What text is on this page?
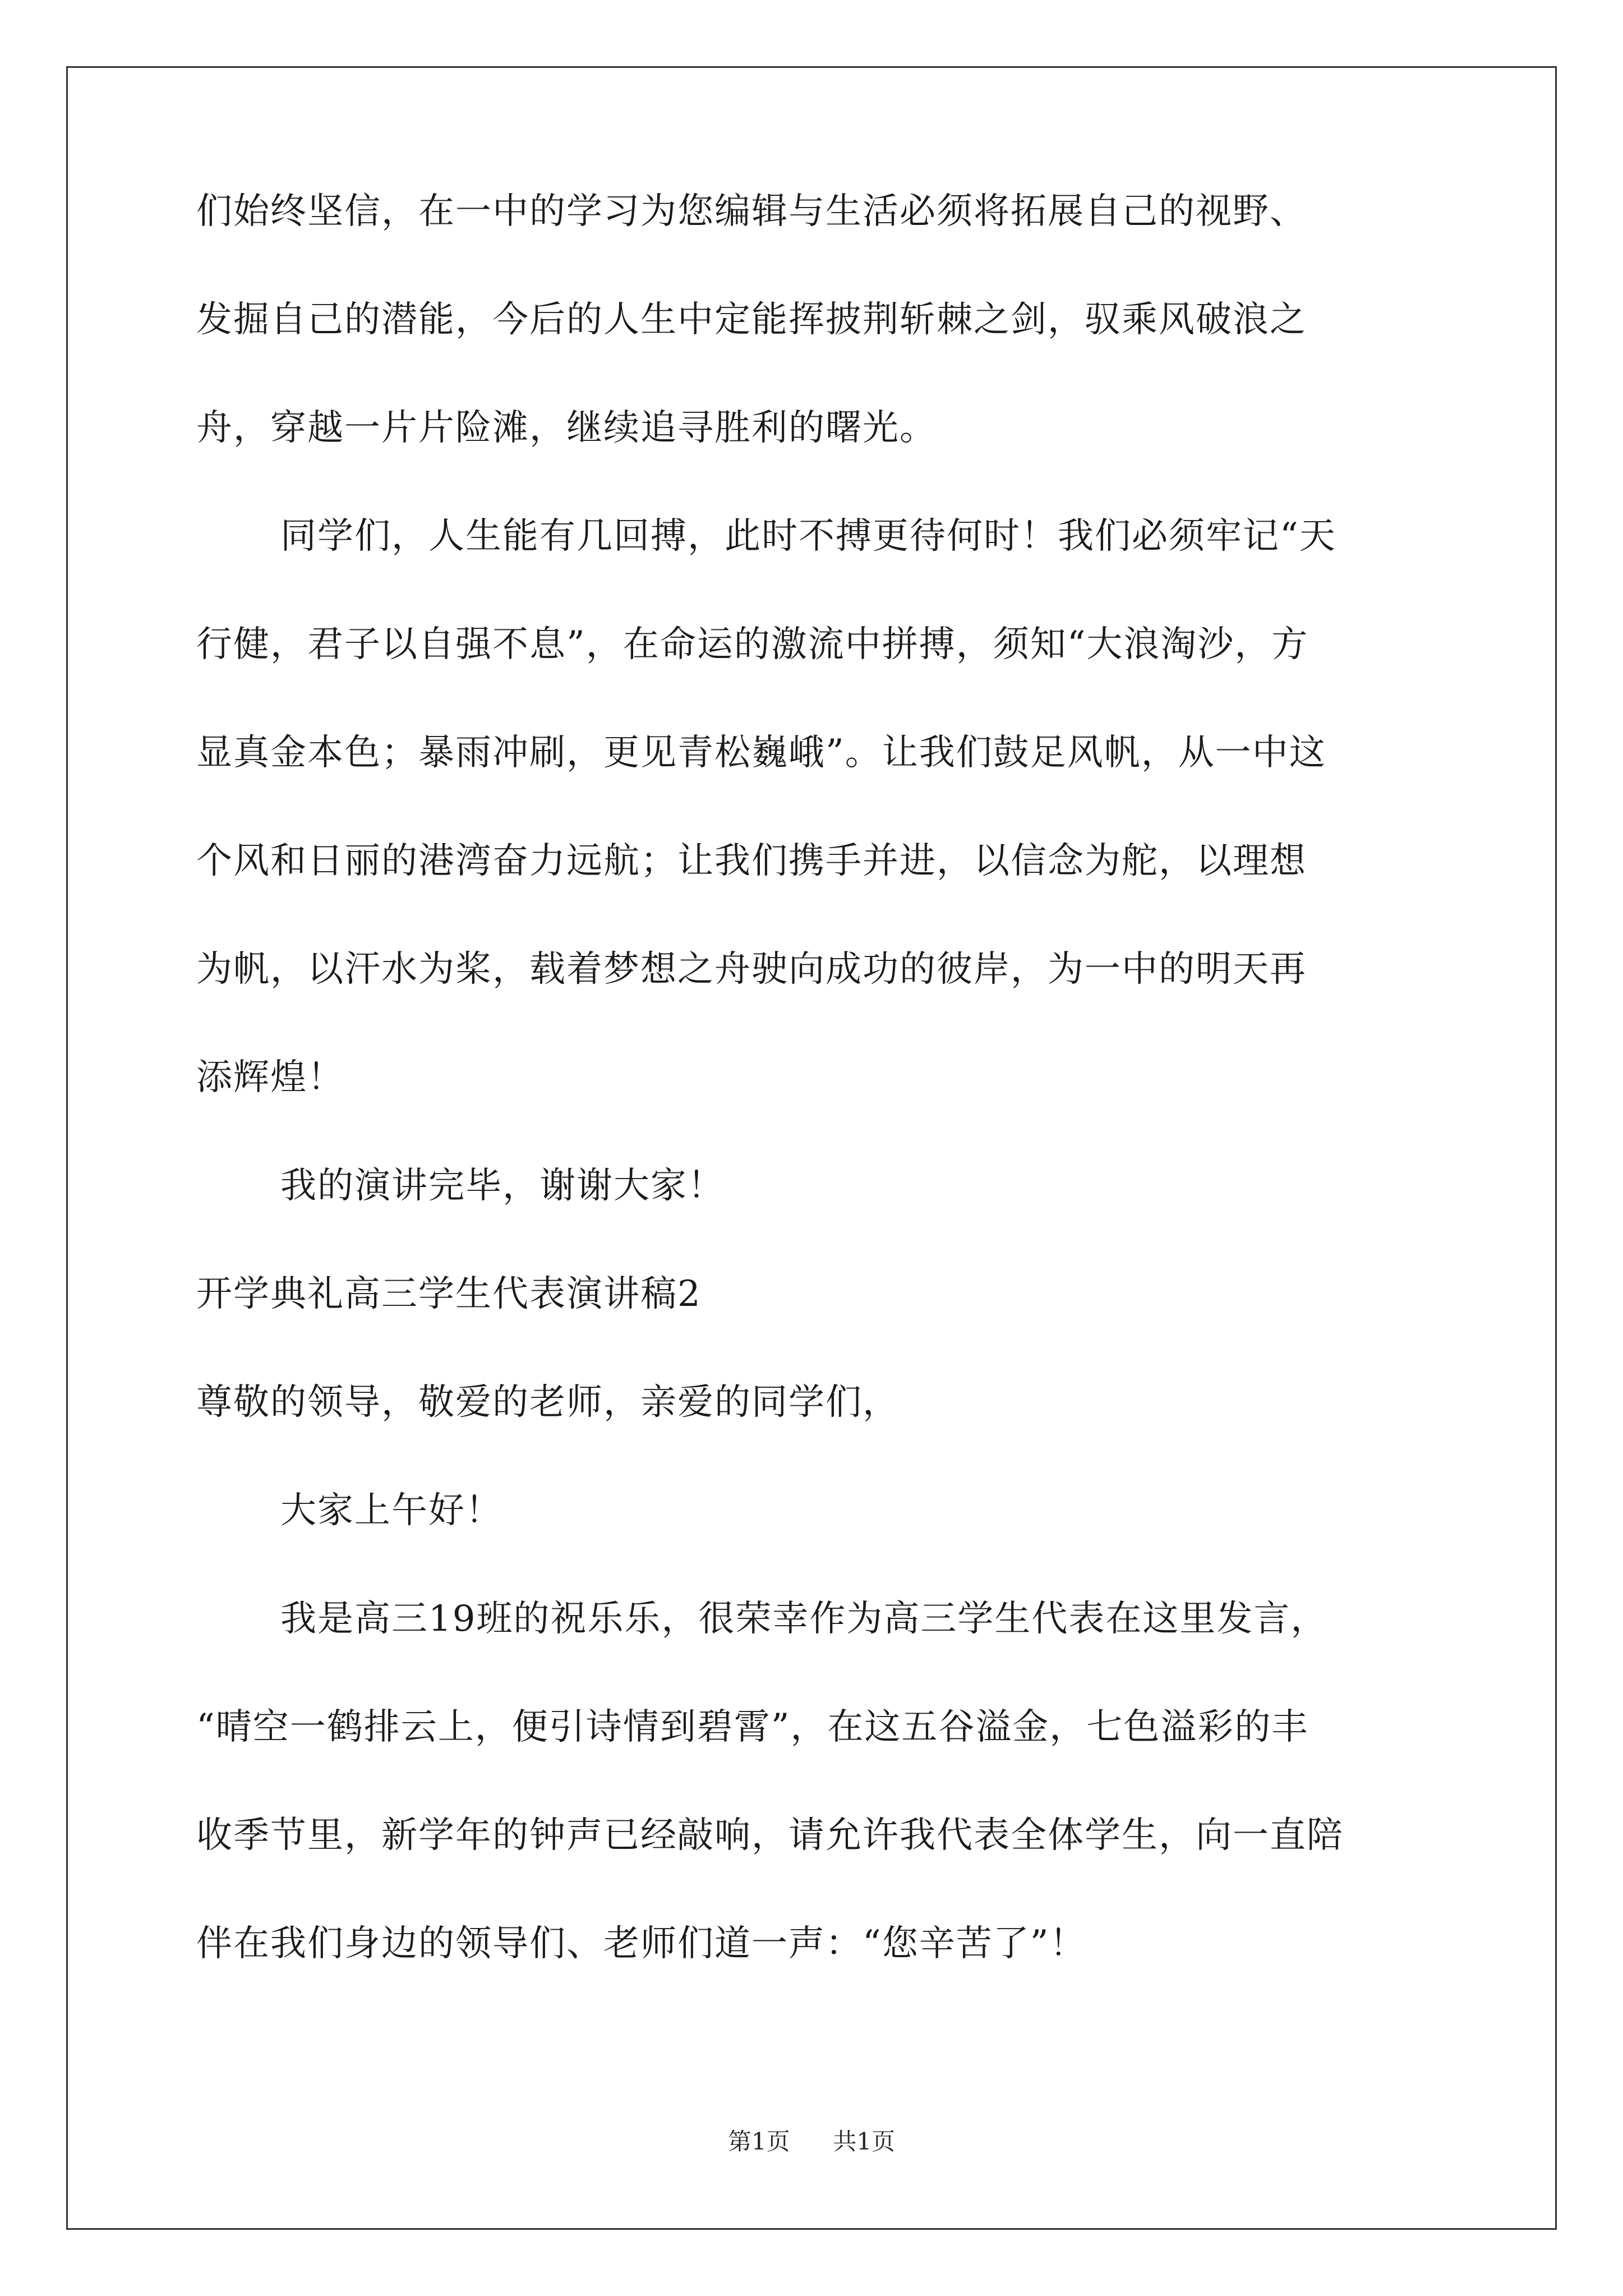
们始终坚信，在一中的学习为您编辑与生活必须将拓展自己的视野、
发掘自己的潜能，今后的人生中定能挥披荆斩棘之剑，驭乘风破浪之
舟，穿越一片片险滩，继续追寻胜利的曙光。
同学们，人生能有几回搏，此时不搏更待何时！我们必须牢记“天
行健，君子以自强不息”，在命运的激流中拼搏，须知“大浪淘沙，方
显真金本色；暴雨冲刷，更见青松巍峨”。让我们鼓足风帆，从一中这
个风和日丽的港湾奋力远航；让我们携手并进，以信念为舵，以理想
为帆，以汗水为桨，载着梦想之舟驶向成功的彼岸，为一中的明天再
添辉煌！
我的演讲完毕，谢谢大家！
开学典礼高三学生代表演讲稿2
尊敬的领导，敬爱的老师，亲爱的同学们，
大家上午好！
我是高三19班的祝乐乐，很荣幸作为高三学生代表在这里发言，
“晴空一鹤排云上，便引诗情到碧霄”，在这五谷溢金，七色溢彩的丰
收季节里，新学年的钟声已经敲响，请允许我代表全体学生，向一直陪
伴在我们身边的领导们、老师们道一声：“您辛苦了”！
第1页 共1页
